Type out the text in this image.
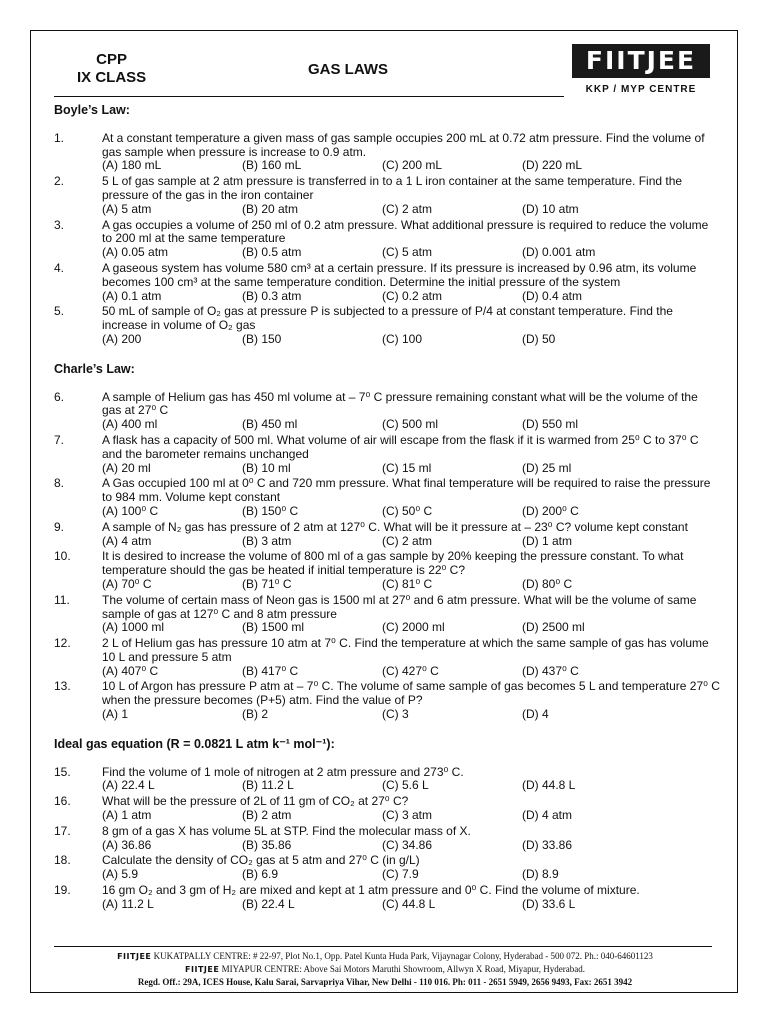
CPP
IX CLASS	GAS LAWS	FIITJEE
KKP / MYP CENTRE
Boyle’s Law:
1.	At a constant temperature a given mass of gas sample occupies 200 mL at 0.72 atm pressure. Find the volume of gas sample when pressure is increase to 0.9 atm.
(A) 180 mL	(B) 160 mL	(C) 200 mL	(D) 220 mL
2.	5 L of gas sample at 2 atm pressure is transferred in to a 1 L iron container at the same temperature. Find the pressure of the gas in the iron container
(A) 5 atm	(B) 20 atm	(C) 2 atm	(D) 10 atm
3.	A gas occupies a volume of 250 ml of 0.2 atm pressure. What additional pressure is required to reduce the volume to 200 ml at the same temperature
(A) 0.05 atm	(B) 0.5 atm	(C) 5 atm	(D) 0.001 atm
4.	A gaseous system has volume 580 cm³ at a certain pressure. If its pressure is increased by 0.96 atm, its volume becomes 100 cm³ at the same temperature condition. Determine the initial pressure of the system
(A) 0.1 atm	(B) 0.3 atm	(C) 0.2 atm	(D) 0.4 atm
5.	50 mL of sample of O₂ gas at pressure P is subjected to a pressure of P/4 at constant temperature. Find the increase in volume of O₂ gas
(A) 200	(B) 150	(C) 100	(D) 50
Charle’s Law:
6.	A sample of Helium gas has 450 ml volume at – 7⁰ C pressure remaining constant what will be the volume of the gas at 27⁰ C
(A) 400 ml	(B) 450 ml	(C) 500 ml	(D) 550 ml
7.	A flask has a capacity of 500 ml. What volume of air will escape from the flask if it is warmed from 25⁰ C to 37⁰ C and the barometer remains unchanged
(A) 20 ml	(B) 10 ml	(C) 15 ml	(D) 25 ml
8.	A Gas occupied 100 ml at 0⁰ C and 720 mm pressure. What final temperature will be required to raise the pressure to 984 mm. Volume kept constant
(A) 100⁰ C	(B) 150⁰ C	(C) 50⁰ C	(D) 200⁰ C
9.	A sample of N₂ gas has pressure of 2 atm at 127⁰ C. What will be it pressure at – 23⁰ C? volume kept constant
(A) 4 atm	(B) 3 atm	(C) 2 atm	(D) 1 atm
10.	It is desired to increase the volume of 800 ml of a gas sample by 20% keeping the pressure constant. To what temperature should the gas be heated if initial temperature is 22⁰ C?
(A) 70⁰ C	(B) 71⁰ C	(C) 81⁰ C	(D) 80⁰ C
11.	The volume of certain mass of Neon gas is 1500 ml at 27⁰ and 6 atm pressure. What will be the volume of same sample of gas at 127⁰ C and 8 atm pressure
(A) 1000 ml	(B) 1500 ml	(C) 2000 ml	(D) 2500 ml
12.	2 L of Helium gas has pressure 10 atm at 7⁰ C. Find the temperature at which the same sample of gas has volume 10 L and pressure 5 atm
(A) 407⁰ C	(B) 417⁰ C	(C) 427⁰ C	(D) 437⁰ C
13.	10 L of Argon has pressure P atm at – 7⁰ C. The volume of same sample of gas becomes 5 L and temperature 27⁰ C when the pressure becomes (P+5) atm. Find the value of P?
(A) 1	(B) 2	(C) 3	(D) 4
Ideal gas equation (R = 0.0821 L atm k⁻¹ mol⁻¹):
15.	Find the volume of 1 mole of nitrogen at 2 atm pressure and 273⁰ C.
(A) 22.4 L	(B) 11.2 L	(C) 5.6 L	(D) 44.8 L
16.	What will be the pressure of 2L of 11 gm of CO₂ at 27⁰ C?
(A) 1 atm	(B) 2 atm	(C) 3 atm	(D) 4 atm
17.	8 gm of a gas X has volume 5L at STP. Find the molecular mass of X.
(A) 36.86	(B) 35.86	(C) 34.86	(D) 33.86
18.	Calculate the density of CO₂ gas at 5 atm and 27⁰ C (in g/L)
(A) 5.9	(B) 6.9	(C) 7.9	(D) 8.9
19.	16 gm O₂ and 3 gm of H₂ are mixed and kept at 1 atm pressure and 0⁰ C. Find the volume of mixture.
(A) 11.2 L	(B) 22.4 L	(C) 44.8 L	(D) 33.6 L
FIITJEE KUKATPALLY CENTRE: # 22-97, Plot No.1, Opp. Patel Kunta Huda Park, Vijaynagar Colony, Hyderabad - 500 072. Ph.: 040-64601123
FIITJEE MIYAPUR CENTRE: Above Sai Motors Maruthi Showroom, Allwyn X Road, Miyapur, Hyderabad.
Regd. Off.: 29A, ICES House, Kalu Sarai, Sarvapriya Vihar, New Delhi - 110 016. Ph: 011 - 2651 5949, 2656 9493, Fax: 2651 3942
